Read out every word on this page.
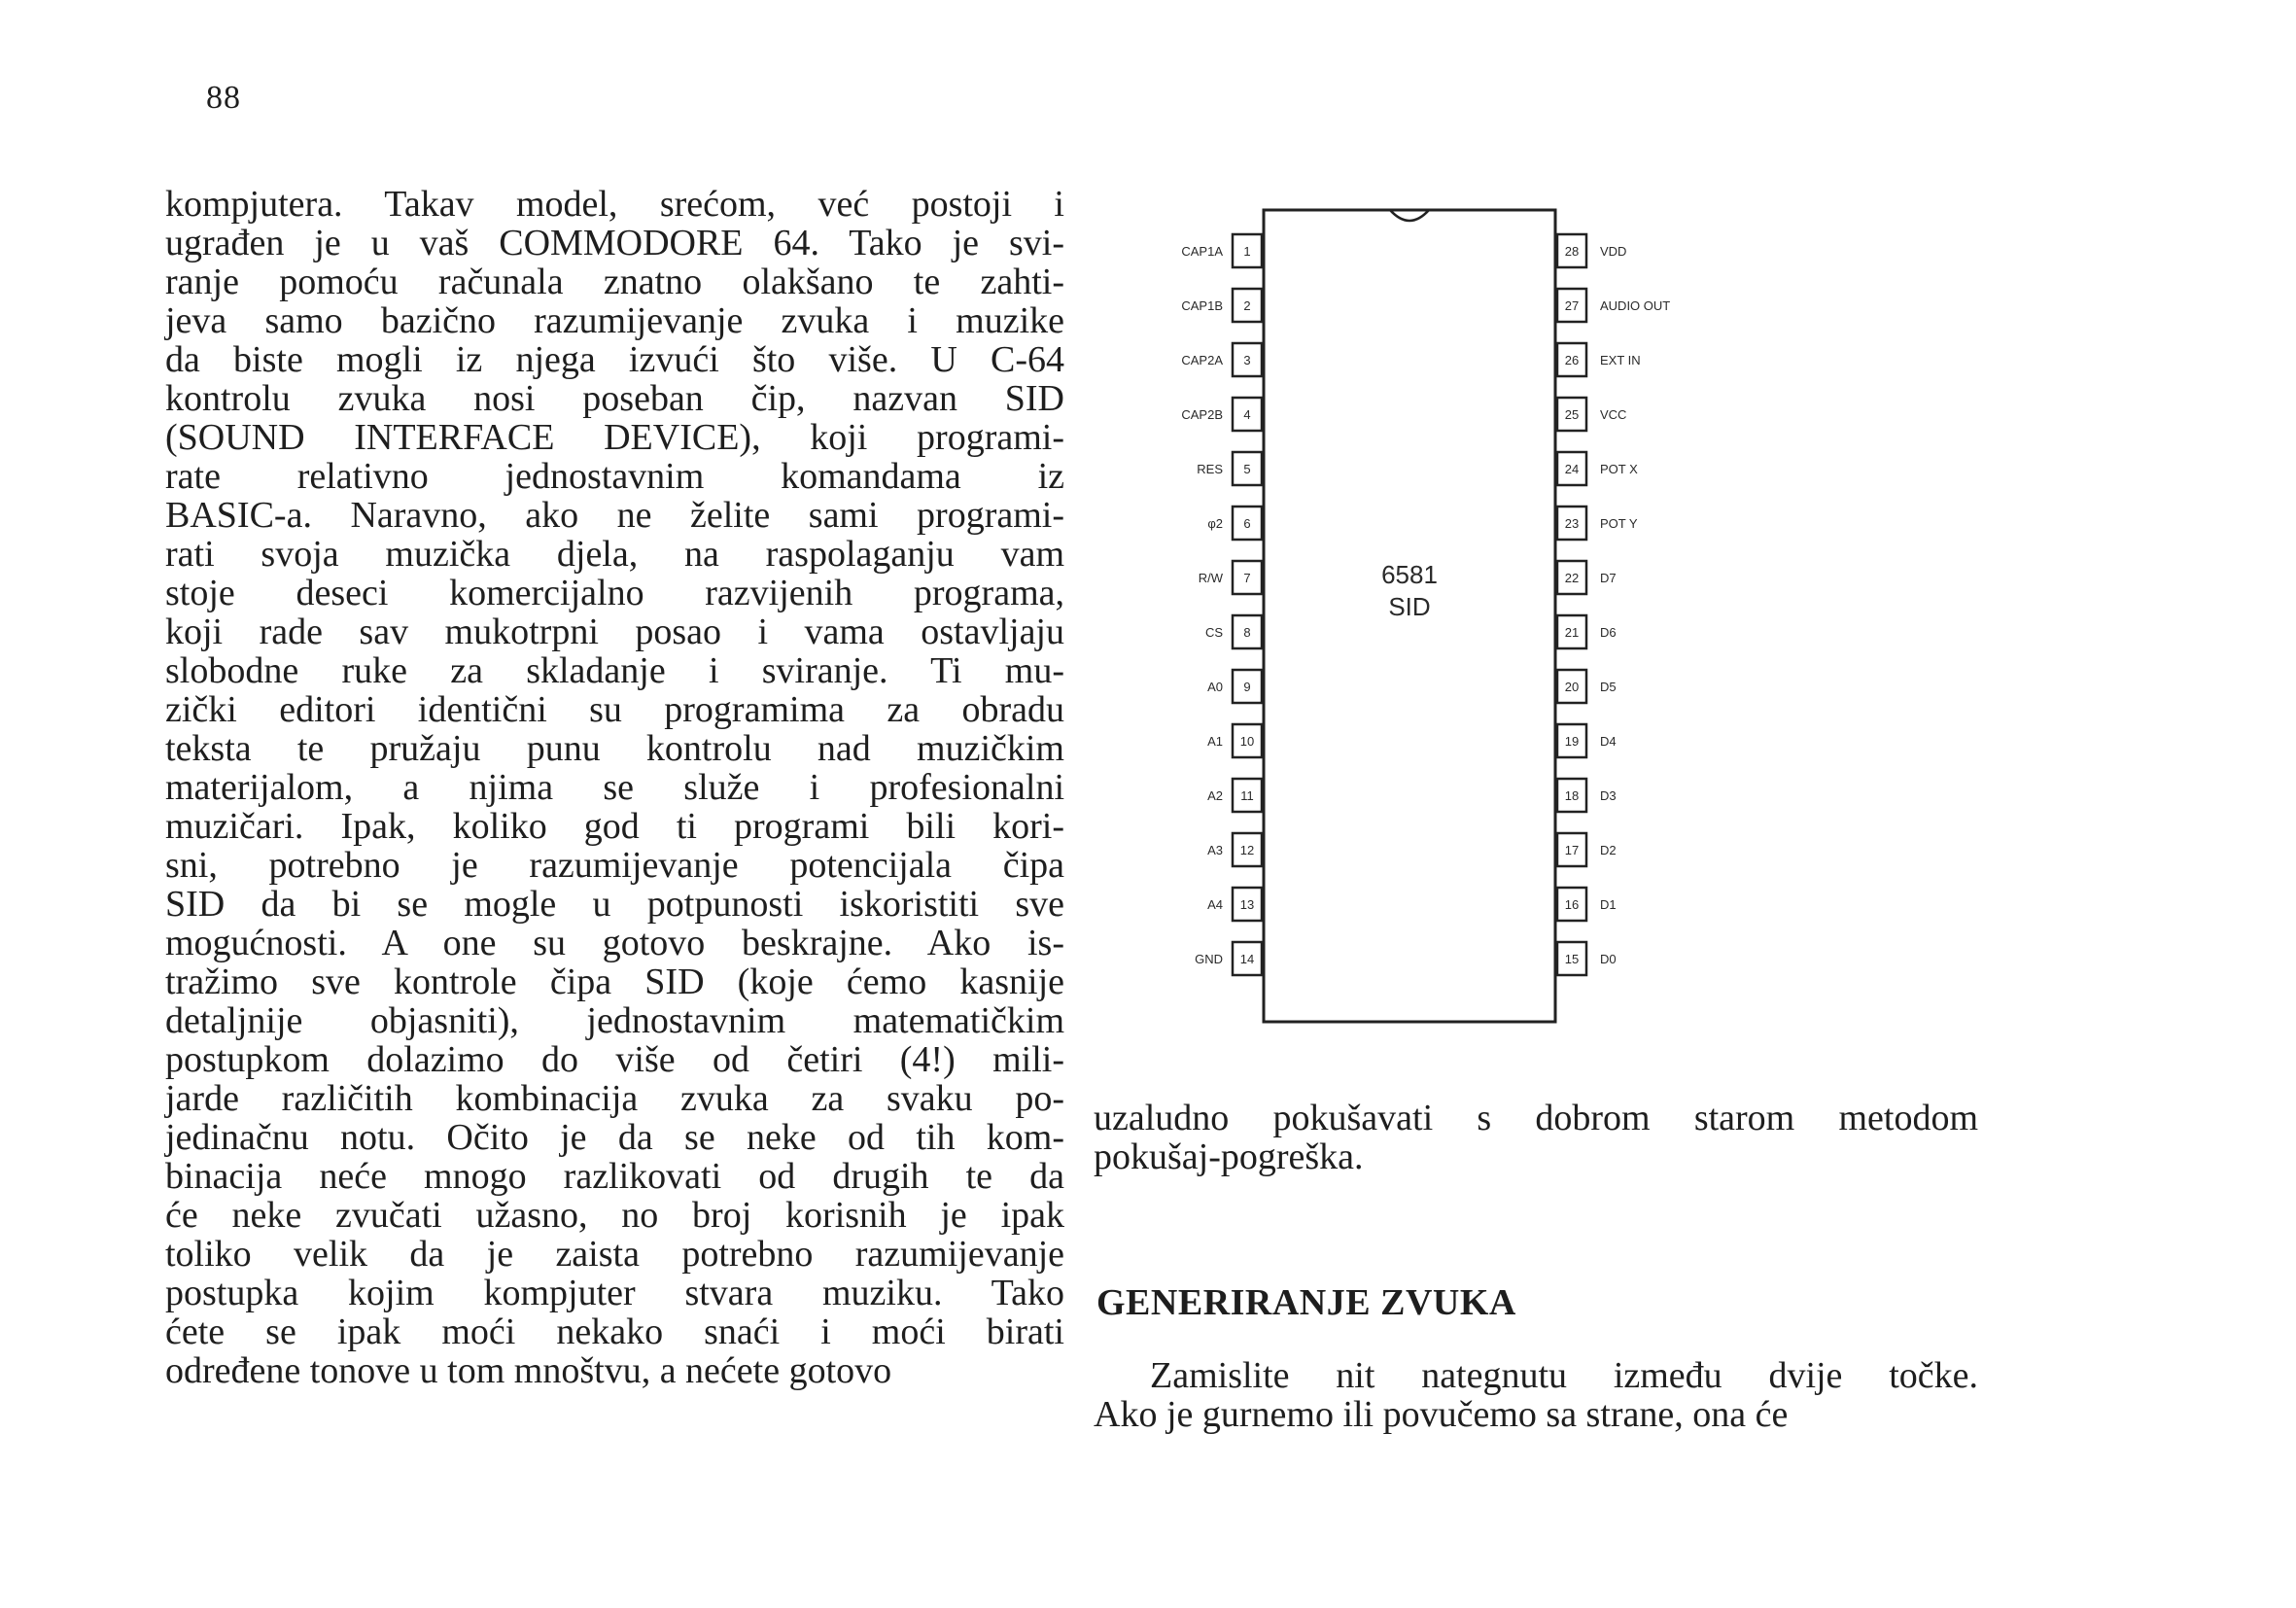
88
kompjutera. Takav model, srećom, već postoji i
ugrađen je u vaš COMMODORE 64. Tako je svi-
ranje pomoću računala znatno olakšano te zahti-
jeva samo bazično razumijevanje zvuka i muzike
da biste mogli iz njega izvući što više. U C-64
kontrolu zvuka nosi poseban čip, nazvan SID
(SOUND INTERFACE DEVICE), koji programi-
rate relativno jednostavnim komandama iz
BASIC-a. Naravno, ako ne želite sami programi-
rati svoja muzička djela, na raspolaganju vam
stoje deseci komercijalno razvijenih programa,
koji rade sav mukotrpni posao i vama ostavljaju
slobodne ruke za skladanje i sviranje. Ti mu-
zički editori identični su programima za obradu
teksta te pružaju punu kontrolu nad muzičkim
materijalom, a njima se služe i profesionalni
muzičari. Ipak, koliko god ti programi bili kori-
sni, potrebno je razumijevanje potencijala čipa
SID da bi se mogle u potpunosti iskoristiti sve
mogućnosti. A one su gotovo beskrajne. Ako is-
tražimo sve kontrole čipa SID (koje ćemo kasnije
detaljnije objasniti), jednostavnim matematičkim
postupkom dolazimo do više od četiri (4!) mili-
jarde različitih kombinacija zvuka za svaku po-
jedinačnu notu. Očito je da se neke od tih kom-
binacija neće mnogo razlikovati od drugih te da
će neke zvučati užasno, no broj korisnih je ipak
toliko velik da je zaista potrebno razumijevanje
postupka kojim kompjuter stvara muziku. Tako
ćete se ipak moći nekako snaći i moći birati
određene tonove u tom mnoštvu, a nećete gotovo
6581
SID
1
CAP1A
2
CAP1B
3
CAP2A
4
CAP2B
5
RES
6
φ2
7
R/W
8
CS
9
A0
10
A1
11
A2
12
A3
13
A4
14
GND
28 VDD
27 AUDIO OUT
26 EXT IN
25 VCC
24 POT X
23 POT Y
22 D7
21 D6
20 D5
19 D4
18 D3
17 D2
16 D1
15 D0
uzaludno pokušavati s dobrom starom metodom
pokušaj-pogreška.
GENERIRANJE ZVUKA
Zamislite nit nategnutu između dvije točke.
Ako je gurnemo ili povučemo sa strane, ona će
